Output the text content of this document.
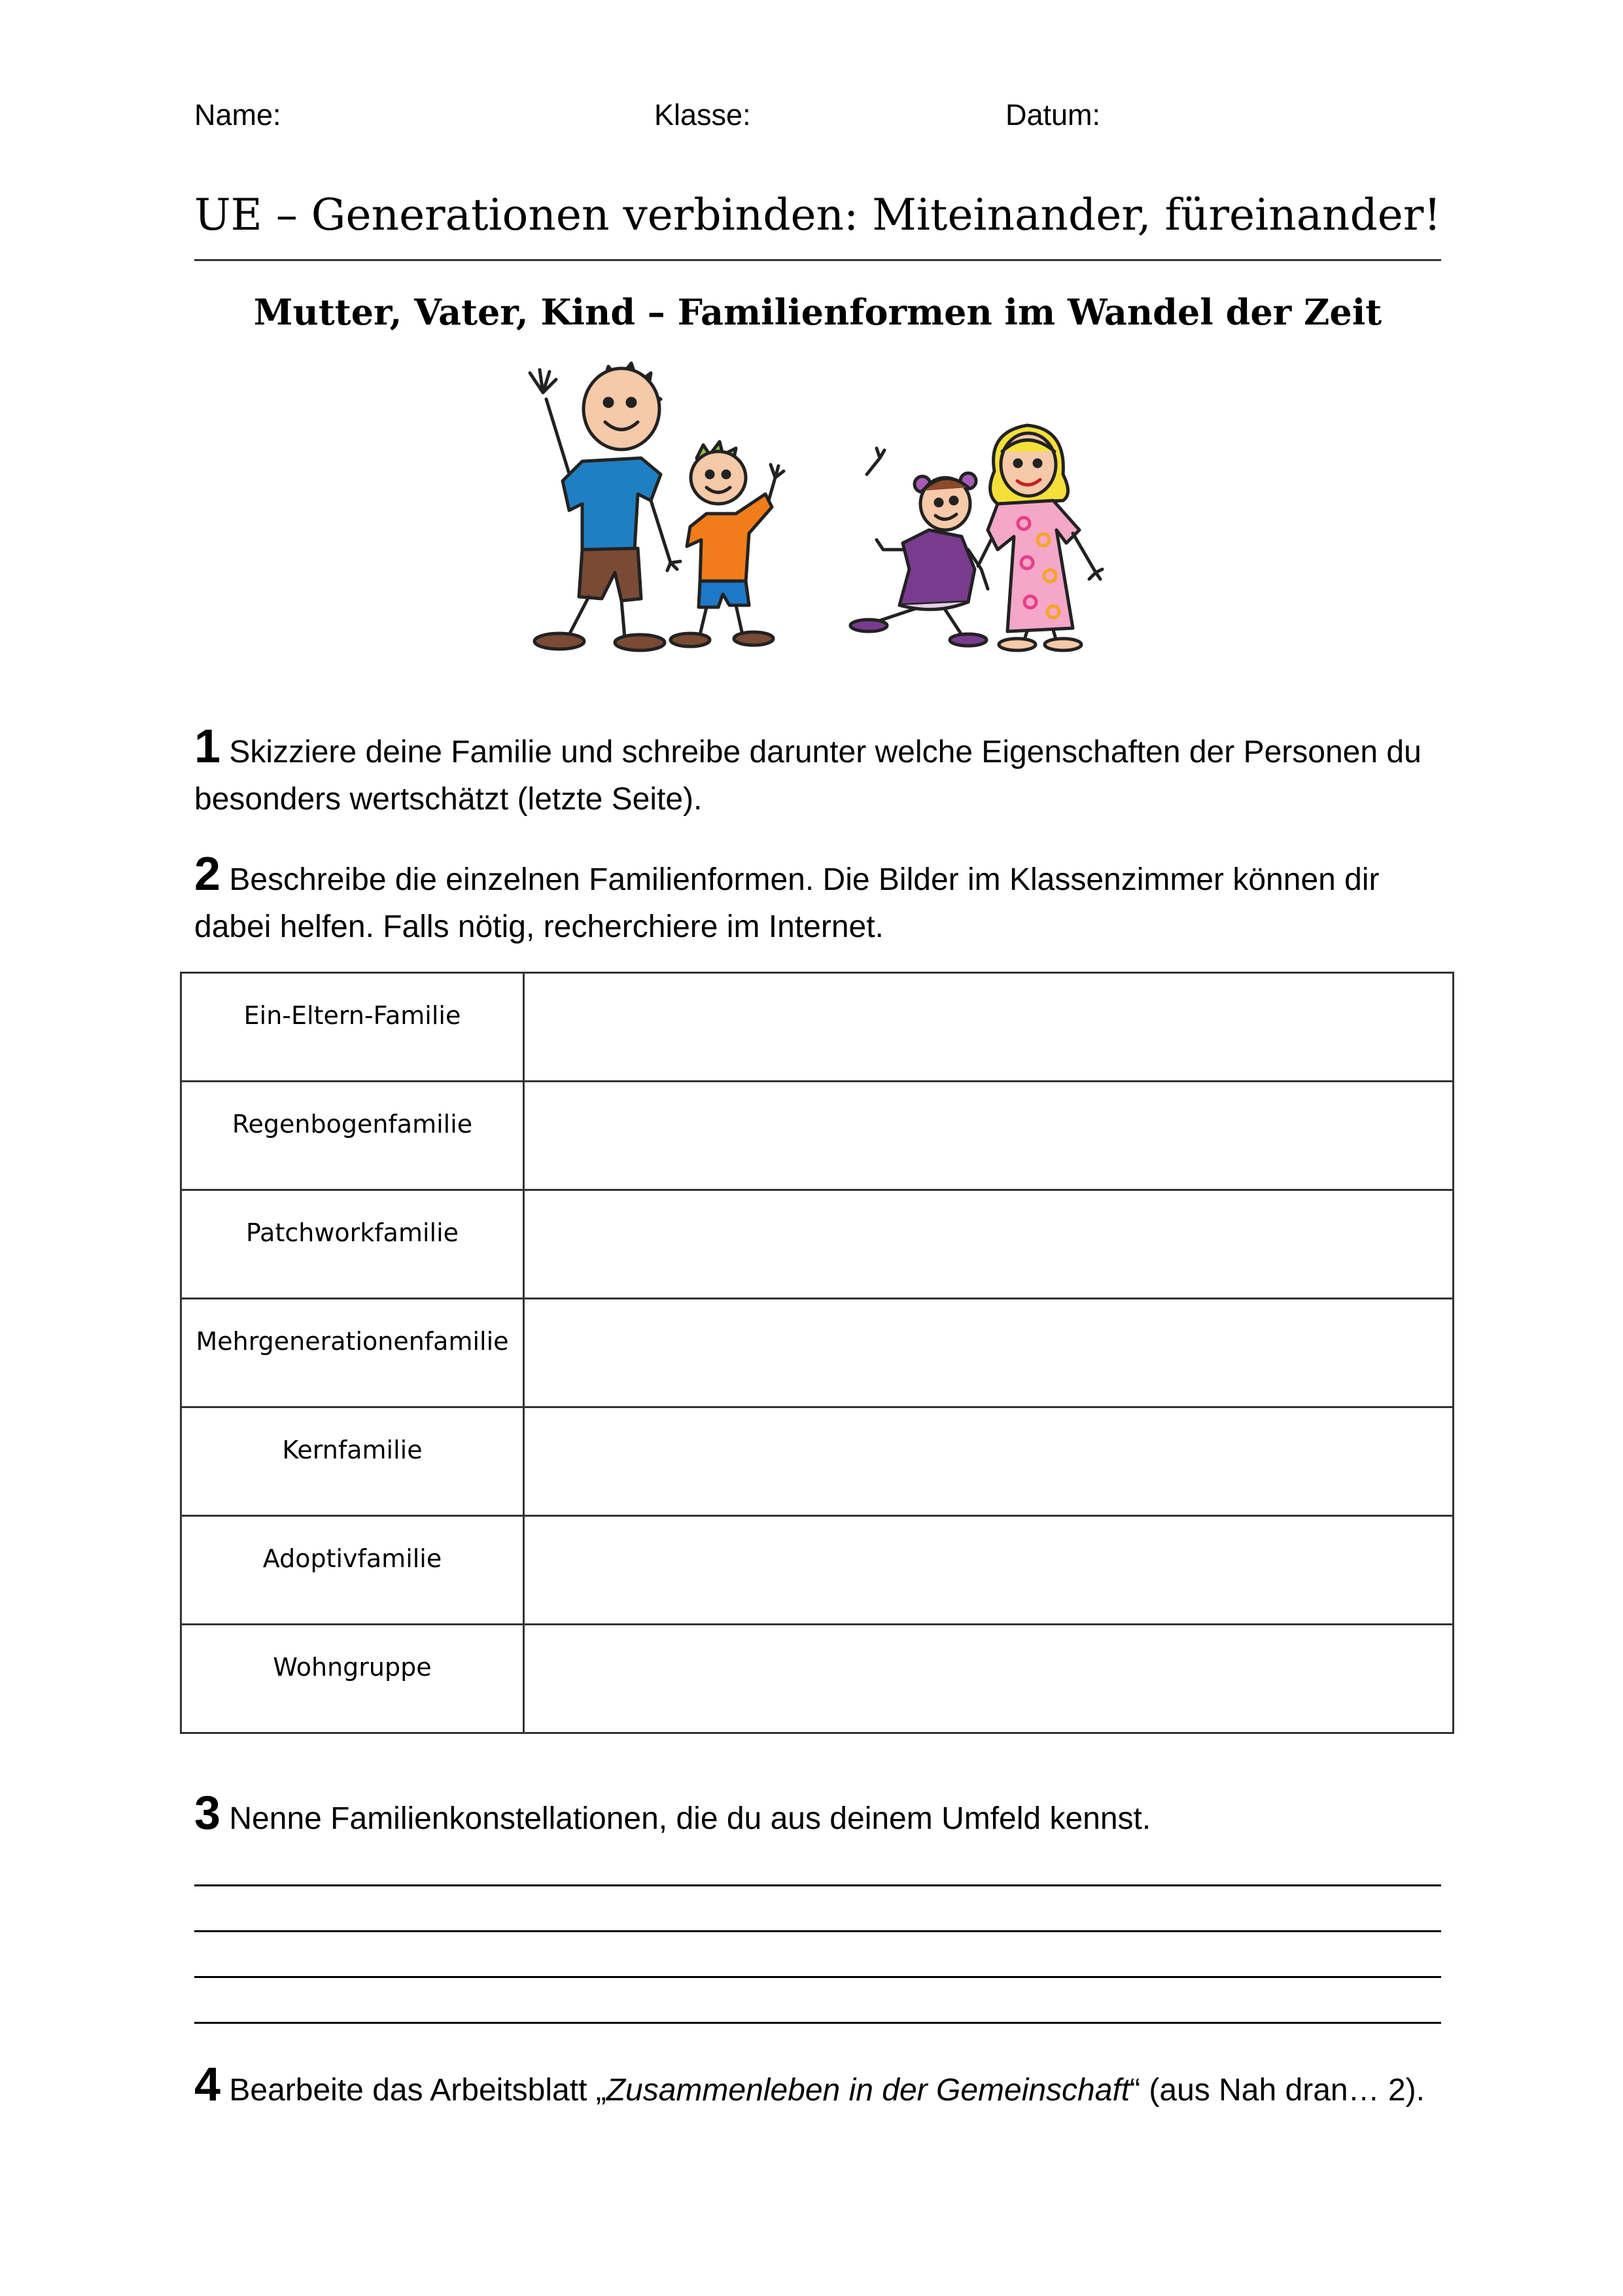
Name:	Klasse:	Datum:
UE – Generationen verbinden: Miteinander, füreinander!
Mutter, Vater, Kind – Familienformen im Wandel der Zeit
1 Skizziere deine Familie und schreibe darunter welche Eigenschaften der Personen du besonders wertschätzt (letzte Seite).
2 Beschreibe die einzelnen Familienformen. Die Bilder im Klassenzimmer können dir dabei helfen. Falls nötig, recherchiere im Internet.
Ein-Eltern-Familie	
Regenbogenfamilie	
Patchworkfamilie	
Mehrgenerationenfamilie	
Kernfamilie	
Adoptivfamilie	
Wohngruppe	
3 Nenne Familienkonstellationen, die du aus deinem Umfeld kennst.
4 Bearbeite das Arbeitsblatt „Zusammenleben in der Gemeinschaft“ (aus Nah dran… 2).
